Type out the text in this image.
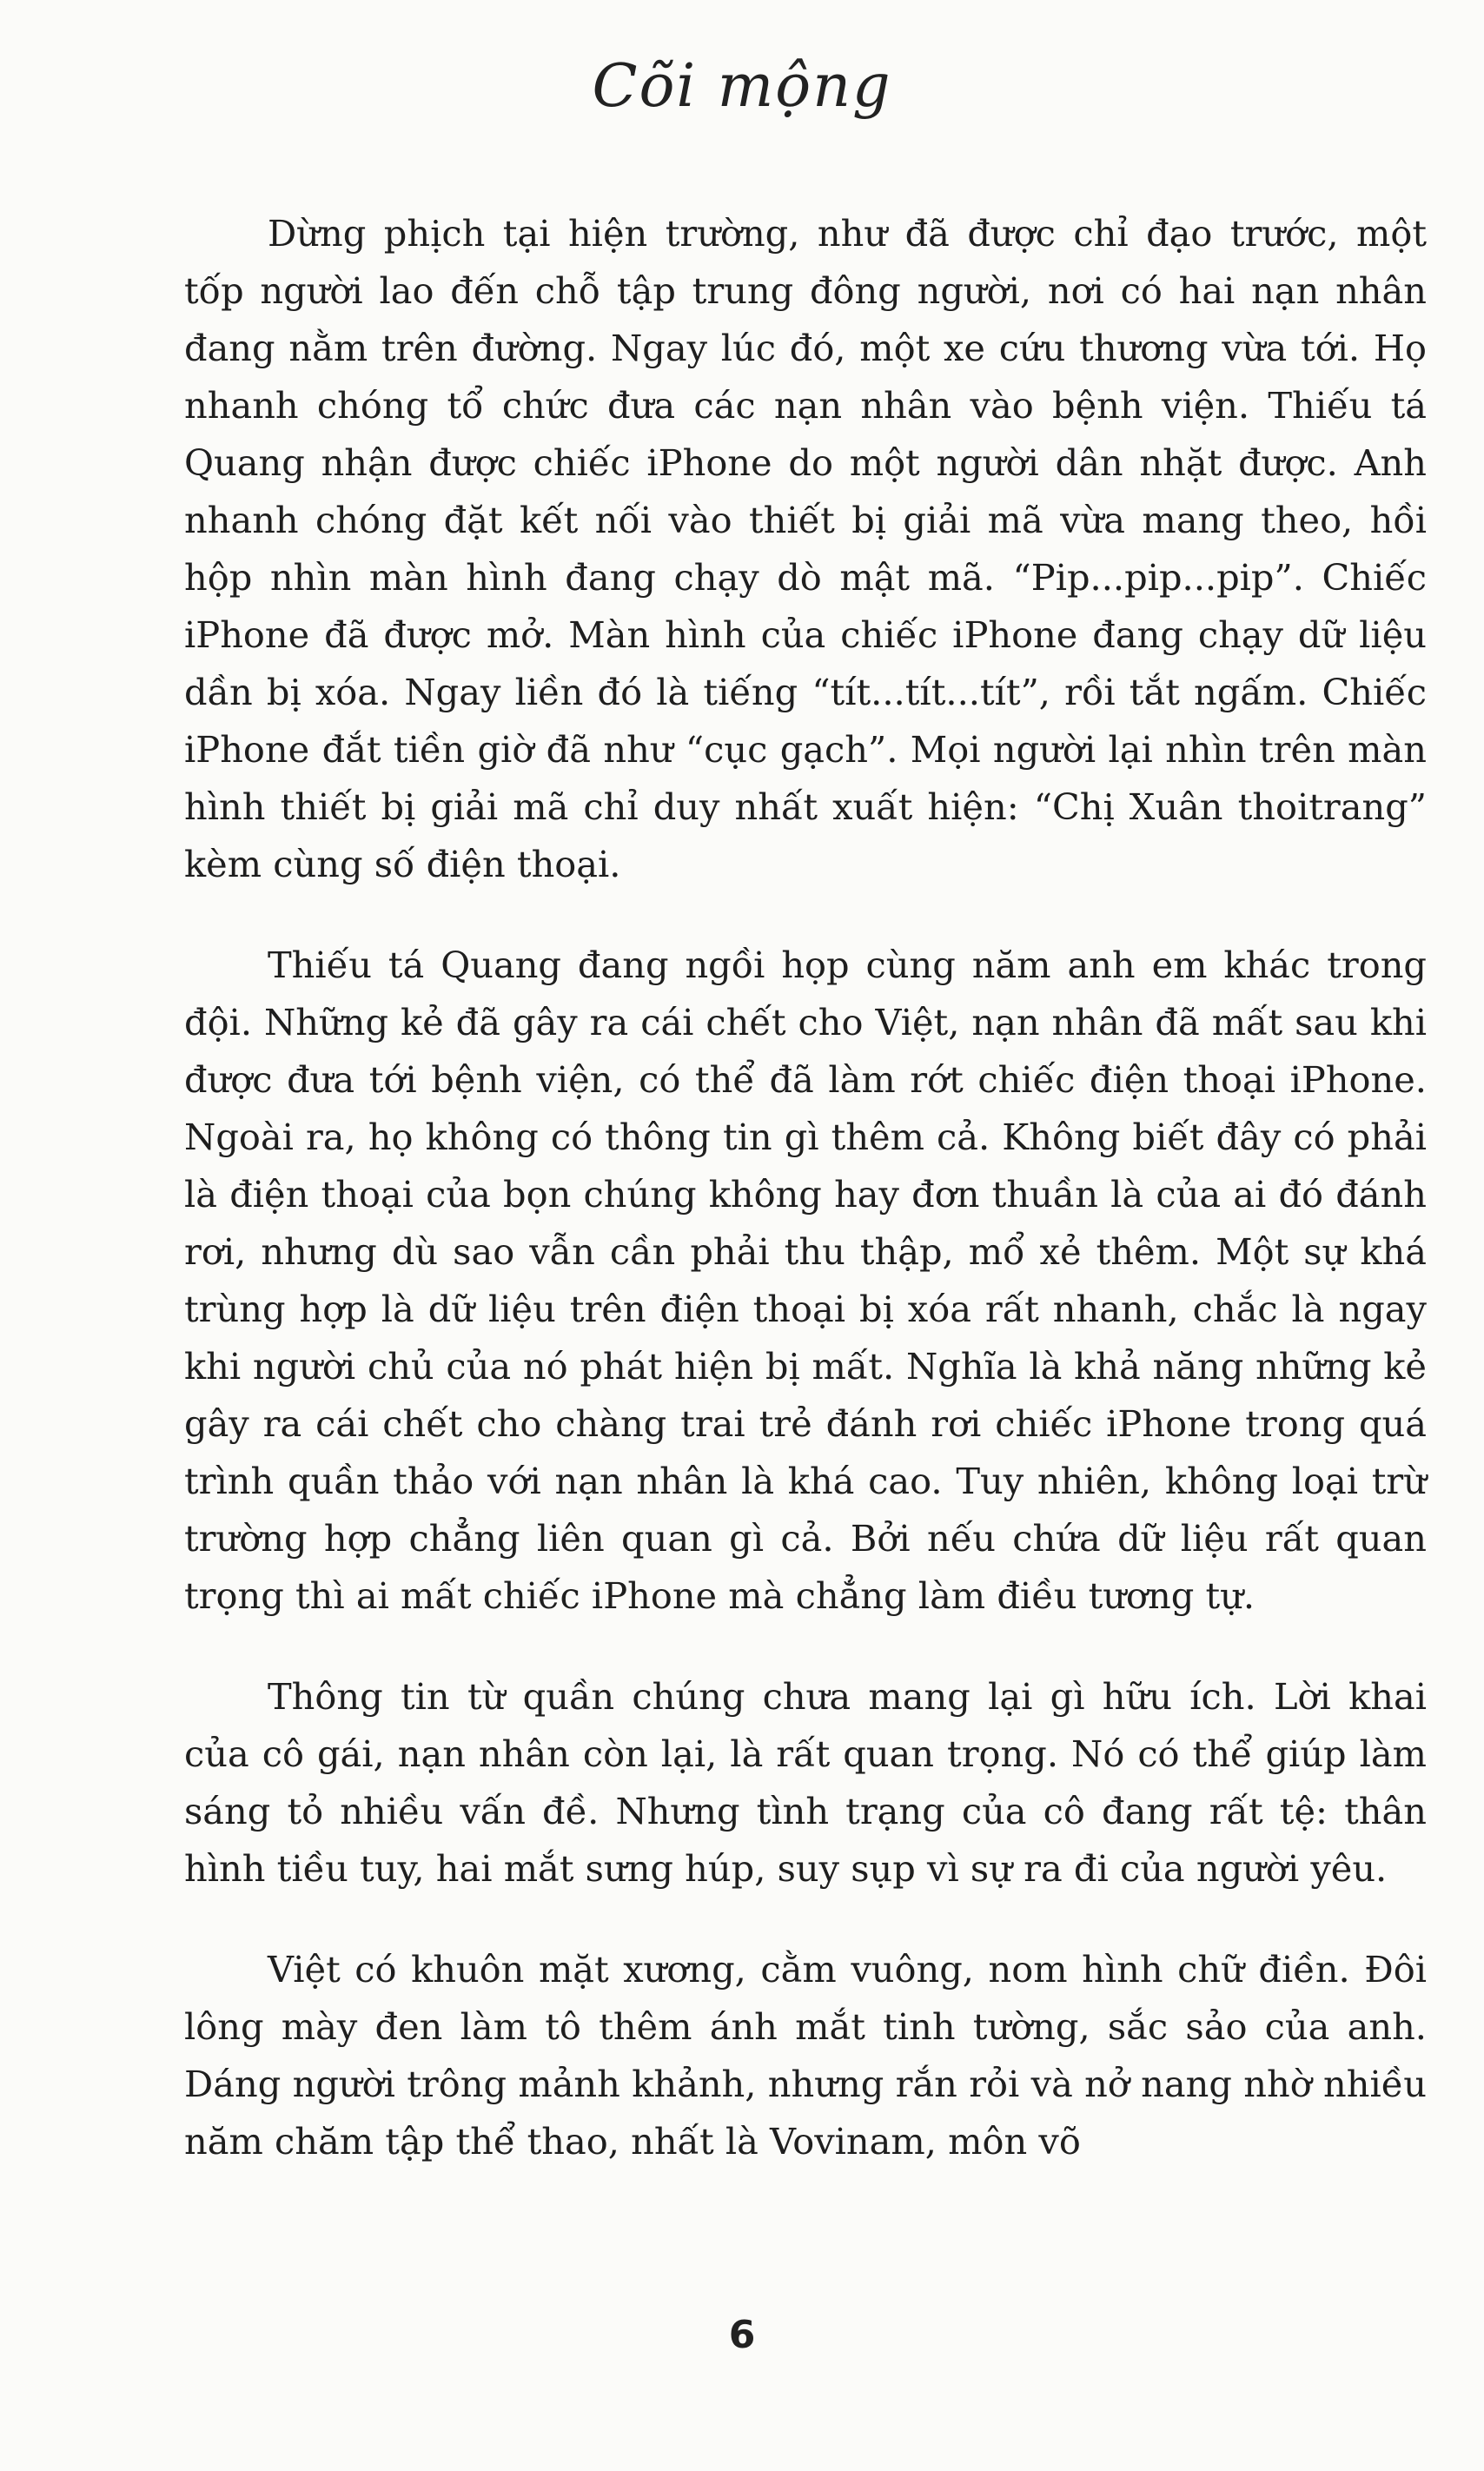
Cõi mộng

Dừng phịch tại hiện trường, như đã được chỉ đạo trước, một tốp người lao đến chỗ tập trung đông người, nơi có hai nạn nhân đang nằm trên đường. Ngay lúc đó, một xe cứu thương vừa tới. Họ nhanh chóng tổ chức đưa các nạn nhân vào bệnh viện. Thiếu tá Quang nhận được chiếc iPhone do một người dân nhặt được. Anh nhanh chóng đặt kết nối vào thiết bị giải mã vừa mang theo, hồi hộp nhìn màn hình đang chạy dò mật mã. “Pip...pip...pip”. Chiếc iPhone đã được mở. Màn hình của chiếc iPhone đang chạy dữ liệu dần bị xóa. Ngay liền đó là tiếng “tít...tít...tít”, rồi tắt ngấm. Chiếc iPhone đắt tiền giờ đã như “cục gạch”. Mọi người lại nhìn trên màn hình thiết bị giải mã chỉ duy nhất xuất hiện: “Chị Xuân thoitrang” kèm cùng số điện thoại.

Thiếu tá Quang đang ngồi họp cùng năm anh em khác trong đội. Những kẻ đã gây ra cái chết cho Việt, nạn nhân đã mất sau khi được đưa tới bệnh viện, có thể đã làm rớt chiếc điện thoại iPhone. Ngoài ra, họ không có thông tin gì thêm cả. Không biết đây có phải là điện thoại của bọn chúng không hay đơn thuần là của ai đó đánh rơi, nhưng dù sao vẫn cần phải thu thập, mổ xẻ thêm. Một sự khá trùng hợp là dữ liệu trên điện thoại bị xóa rất nhanh, chắc là ngay khi người chủ của nó phát hiện bị mất. Nghĩa là khả năng những kẻ gây ra cái chết cho chàng trai trẻ đánh rơi chiếc iPhone trong quá trình quần thảo với nạn nhân là khá cao. Tuy nhiên, không loại trừ trường hợp chẳng liên quan gì cả. Bởi nếu chứa dữ liệu rất quan trọng thì ai mất chiếc iPhone mà chẳng làm điều tương tự.

Thông tin từ quần chúng chưa mang lại gì hữu ích. Lời khai của cô gái, nạn nhân còn lại, là rất quan trọng. Nó có thể giúp làm sáng tỏ nhiều vấn đề. Nhưng tình trạng của cô đang rất tệ: thân hình tiều tuy, hai mắt sưng húp, suy sụp vì sự ra đi của người yêu.

Việt có khuôn mặt xương, cằm vuông, nom hình chữ điền. Đôi lông mày đen làm tô thêm ánh mắt tinh tường, sắc sảo của anh. Dáng người trông mảnh khảnh, nhưng rắn rỏi và nở nang nhờ nhiều năm chăm tập thể thao, nhất là Vovinam, môn võ

6
